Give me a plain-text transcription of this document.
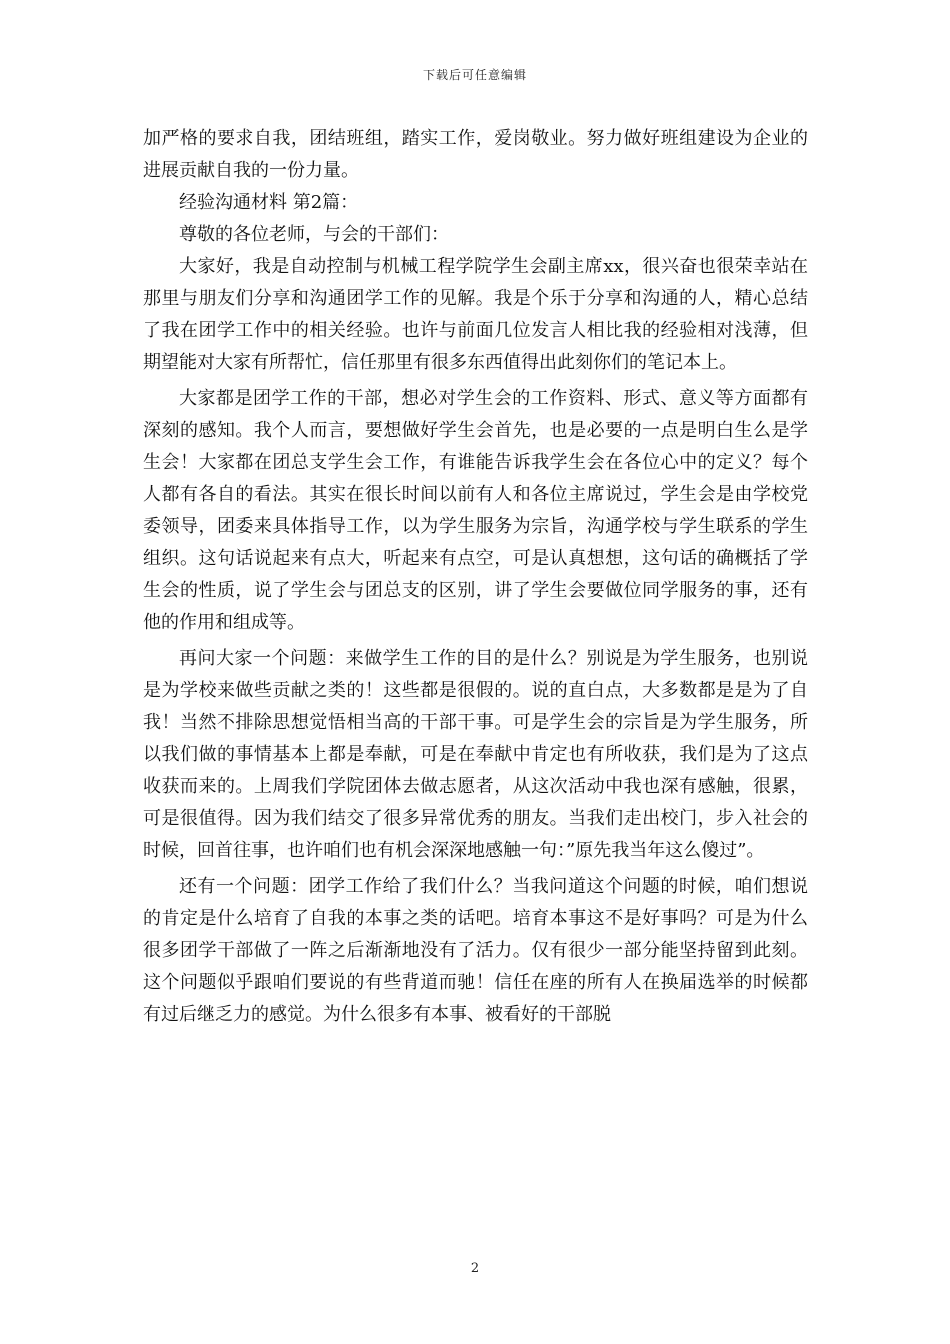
下载后可任意编辑

加严格的要求自我，团结班组，踏实工作，爱岗敬业。努力做好班组建设为企业的进展贡献自我的一份力量。

经验沟通材料 第2篇：

尊敬的各位老师，与会的干部们：

大家好，我是自动控制与机械工程学院学生会副主席xx，很兴奋也很荣幸站在那里与朋友们分享和沟通团学工作的见解。我是个乐于分享和沟通的人，精心总结了我在团学工作中的相关经验。也许与前面几位发言人相比我的经验相对浅薄，但期望能对大家有所帮忙，信任那里有很多东西值得出此刻你们的笔记本上。

大家都是团学工作的干部，想必对学生会的工作资料、形式、意义等方面都有深刻的感知。我个人而言，要想做好学生会首先，也是必要的一点是明白生么是学生会！大家都在团总支学生会工作，有谁能告诉我学生会在各位心中的定义？每个人都有各自的看法。其实在很长时间以前有人和各位主席说过，学生会是由学校党委领导，团委来具体指导工作，以为学生服务为宗旨，沟通学校与学生联系的学生组织。这句话说起来有点大，听起来有点空，可是认真想想，这句话的确概括了学生会的性质，说了学生会与团总支的区别，讲了学生会要做位同学服务的事，还有他的作用和组成等。

再问大家一个问题：来做学生工作的目的是什么？别说是为学生服务，也别说是为学校来做些贡献之类的！这些都是很假的。说的直白点，大多数都是是为了自我！当然不排除思想觉悟相当高的干部干事。可是学生会的宗旨是为学生服务，所以我们做的事情基本上都是奉献，可是在奉献中肯定也有所收获，我们是为了这点收获而来的。上周我们学院团体去做志愿者，从这次活动中我也深有感触，很累，可是很值得。因为我们结交了很多异常优秀的朋友。当我们走出校门，步入社会的时候，回首往事，也许咱们也有机会深深地感触一句：”原先我当年这么傻过”。

还有一个问题：团学工作给了我们什么？当我问道这个问题的时候，咱们想说的肯定是什么培育了自我的本事之类的话吧。培育本事这不是好事吗？可是为什么很多团学干部做了一阵之后渐渐地没有了活力。仅有很少一部分能坚持留到此刻。这个问题似乎跟咱们要说的有些背道而驰！信任在座的所有人在换届选举的时候都有过后继乏力的感觉。为什么很多有本事、被看好的干部脱

2
